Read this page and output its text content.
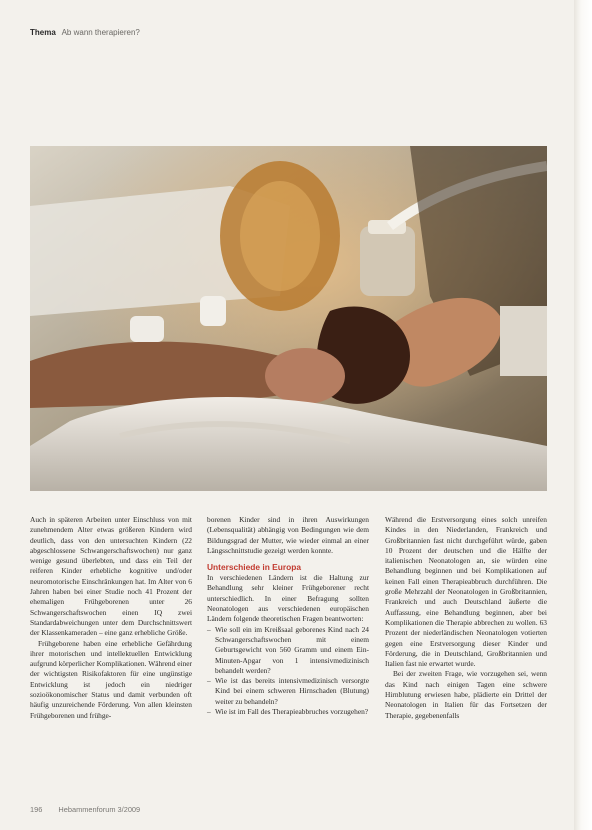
Thema Ab wann therapieren?

Auch in späteren Arbeiten unter Einschluss von mit zunehmendem Alter etwas größeren Kindern wird deutlich, dass von den untersuchten Kindern (22 abgeschlossene Schwangerschaftswochen) nur ganz wenige gesund überlebten, und dass ein Teil der reiferen Kinder erhebliche kognitive und/oder neuromotorische Einschränkungen hat. Im Alter von 6 Jahren haben bei einer Studie noch 41 Prozent der ehemaligen Frühgeborenen unter 26 Schwangerschaftswochen einen IQ zwei Standardabweichungen unter dem Durchschnittswert der Klassenkameraden – eine ganz erhebliche Größe.

Frühgeborene haben eine erhebliche Gefährdung ihrer motorischen und intellektuellen Entwicklung aufgrund körperlicher Komplikationen. Während einer der wichtigsten Risikofaktoren für eine ungünstige Entwicklung ist jedoch ein niedriger sozioökonomischer Status und damit verbunden oft häufig unzureichende Förderung. Von allen kleinsten Frühgeborenen und frühge-

borenen Kinder sind in ihren Auswirkungen (Lebensqualität) abhängig von Bedingungen wie dem Bildungsgrad der Mutter, wie wieder einmal an einer Längsschnittstudie gezeigt werden konnte.

Unterschiede in Europa

In verschiedenen Ländern ist die Haltung zur Behandlung sehr kleiner Frühgeborener recht unterschiedlich. In einer Befragung sollten Neonatologen aus verschiedenen europäischen Ländern folgende theoretischen Fragen beantworten:

– Wie soll ein im Kreißsaal geborenes Kind nach 24 Schwangerschaftswochen mit einem Geburtsgewicht von 560 Gramm und einem Ein-Minuten-Apgar von 1 intensivmedizinisch behandelt werden?
– Wie ist das bereits intensivmedizinisch versorgte Kind bei einem schweren Hirnschaden (Blutung) weiter zu behandeln?
– Wie ist im Fall des Therapieabbruches vorzugehen?

Während die Erstversorgung eines solch unreifen Kindes in den Niederlanden, Frankreich und Großbritannien fast nicht durchgeführt würde, gaben 10 Prozent der deutschen und die Hälfte der italienischen Neonatologen an, sie würden eine Behandlung beginnen und bei Komplikationen auf keinen Fall einen Therapieabbruch durchführen. Die große Mehrzahl der Neonatologen in Großbritannien, Frankreich und auch Deutschland äußerte die Auffassung, eine Behandlung beginnen, aber bei Komplikationen die Therapie abbrechen zu wollen. 63 Prozent der niederländischen Neonatologen votierten gegen eine Erstversorgung dieser Kinder und Förderung, die in Deutschland, Großbritannien und Italien fast nie erwartet wurde.

Bei der zweiten Frage, wie vorzugehen sei, wenn das Kind nach einigen Tagen eine schwere Hirnblutung erwiesen habe, plädierte ein Drittel der Neonatologen in Italien für das Fortsetzen der Therapie, gegebenenfalls

196 Hebammenforum 3/2009
